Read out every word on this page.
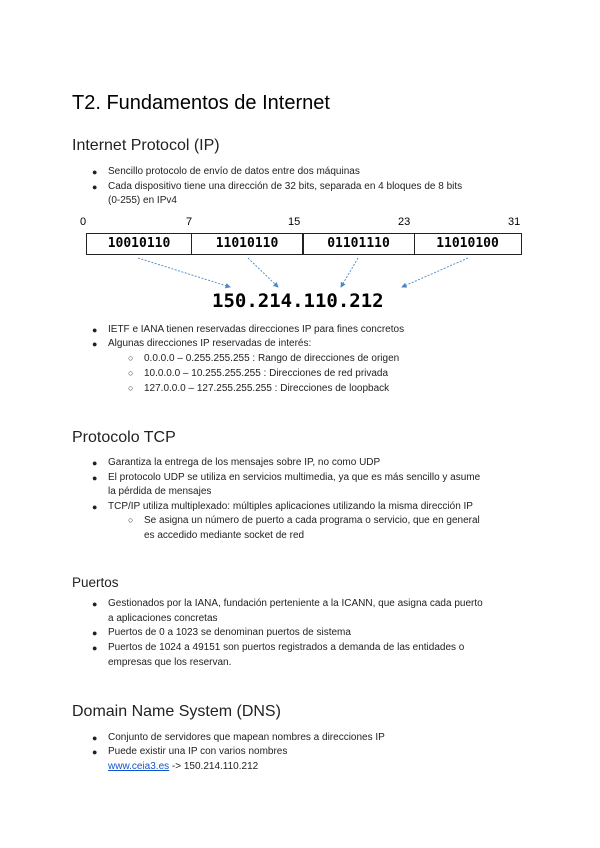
T2. Fundamentos de Internet
Internet Protocol (IP)
● Sencillo protocolo de envío de datos entre dos máquinas
● Cada dispositivo tiene una dirección de 32 bits, separada en 4 bloques de 8 bits
(0-255) en IPv4
0	7	15	23	31
10010110	11010110	01101110	11010100
150.214.110.212
● IETF e IANA tienen reservadas direcciones IP para fines concretos
● Algunas direcciones IP reservadas de interés:
○ 0.0.0.0 – 0.255.255.255 : Rango de direcciones de origen
○ 10.0.0.0 – 10.255.255.255 : Direcciones de red privada
○ 127.0.0.0 – 127.255.255.255 : Direcciones de loopback
Protocolo TCP
● Garantiza la entrega de los mensajes sobre IP, no como UDP
● El protocolo UDP se utiliza en servicios multimedia, ya que es más sencillo y asume
la pérdida de mensajes
● TCP/IP utiliza multiplexado: múltiples aplicaciones utilizando la misma dirección IP
○ Se asigna un número de puerto a cada programa o servicio, que en general
es accedido mediante socket de red
Puertos
● Gestionados por la IANA, fundación perteniente a la ICANN, que asigna cada puerto
a aplicaciones concretas
● Puertos de 0 a 1023 se denominan puertos de sistema
● Puertos de 1024 a 49151 son puertos registrados a demanda de las entidades o
empresas que los reservan.
Domain Name System (DNS)
● Conjunto de servidores que mapean nombres a direcciones IP
● Puede existir una IP con varios nombres
www.ceia3.es -> 150.214.110.212
